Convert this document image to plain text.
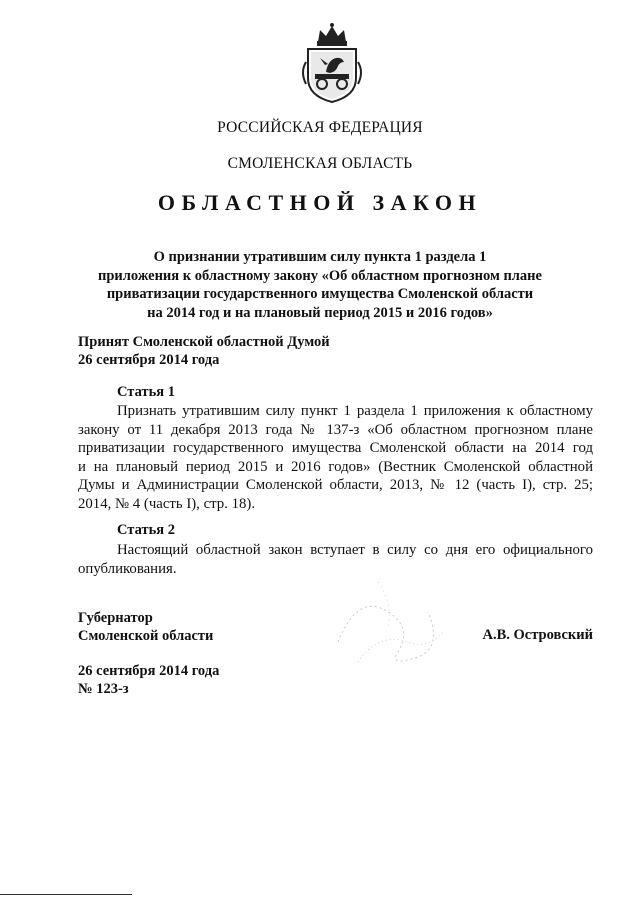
РОССИЙСКАЯ ФЕДЕРАЦИЯ
СМОЛЕНСКАЯ ОБЛАСТЬ
ОБЛАСТНОЙ ЗАКОН
О признании утратившим силу пункта 1 раздела 1
приложения к областному закону «Об областном прогнозном плане
приватизации государственного имущества Смоленской области
на 2014 год и на плановый период 2015 и 2016 годов»
Принят Смоленской областной Думой
26 сентября 2014 года
Статья 1
Признать утратившим силу пункт 1 раздела 1 приложения к областному
закону от 11 декабря 2013 года № 137-з «Об областном прогнозном плане
приватизации государственного имущества Смоленской области на 2014 год
и на плановый период 2015 и 2016 годов» (Вестник Смоленской областной
Думы и Администрации Смоленской области, 2013, № 12 (часть I), стр. 25;
2014, № 4 (часть I), стр. 18).
Статья 2
Настоящий областной закон вступает в силу со дня его официального
опубликования.
Губернатор
Смоленской области	А.В. Островский
26 сентября 2014 года
№ 123-з
